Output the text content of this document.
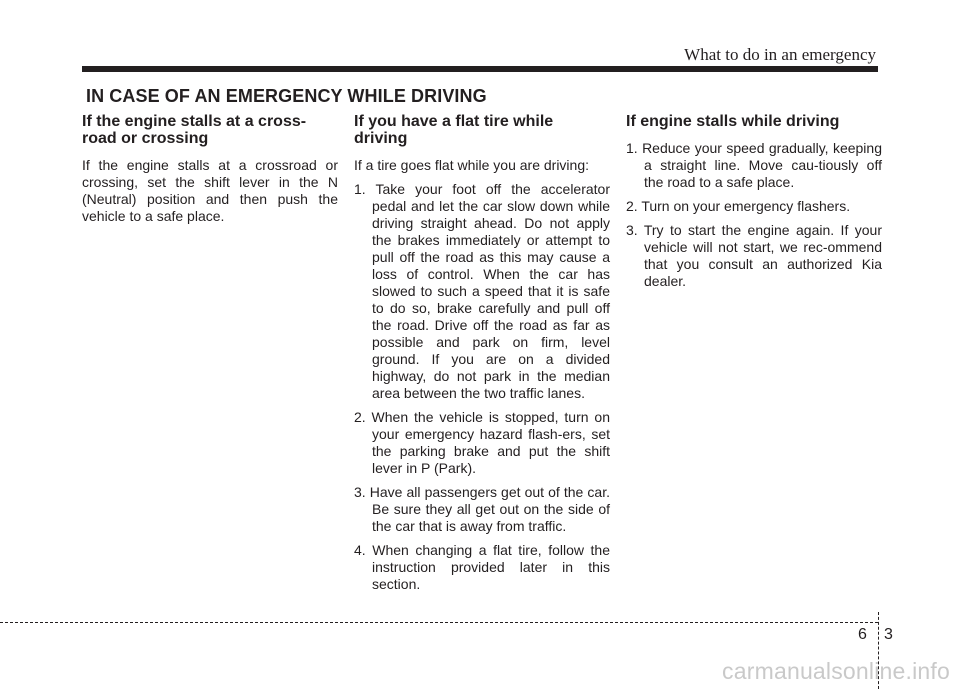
What to do in an emergency
IN CASE OF AN EMERGENCY WHILE DRIVING
If the engine stalls at a cross-road or crossing

If the engine stalls at a crossroad or crossing, set the shift lever in the N (Neutral) position and then push the vehicle to a safe place.

If you have a flat tire while driving

If a tire goes flat while you are driving:

1. Take your foot off the accelerator pedal and let the car slow down while driving straight ahead. Do not apply the brakes immediately or attempt to pull off the road as this may cause a loss of control. When the car has slowed to such a speed that it is safe to do so, brake carefully and pull off the road. Drive off the road as far as possible and park on firm, level ground. If you are on a divided highway, do not park in the median area between the two traffic lanes.
2. When the vehicle is stopped, turn on your emergency hazard flash-ers, set the parking brake and put the shift lever in P (Park).
3. Have all passengers get out of the car. Be sure they all get out on the side of the car that is away from traffic.
4. When changing a flat tire, follow the instruction provided later in this section.
If engine stalls while driving
1. Reduce your speed gradually, keeping a straight line. Move cau-tiously off the road to a safe place.
2. Turn on your emergency flashers.
3. Try to start the engine again. If your vehicle will not start, we rec-ommend that you consult an authorized Kia dealer.
6 3
carmanualsonline.info
